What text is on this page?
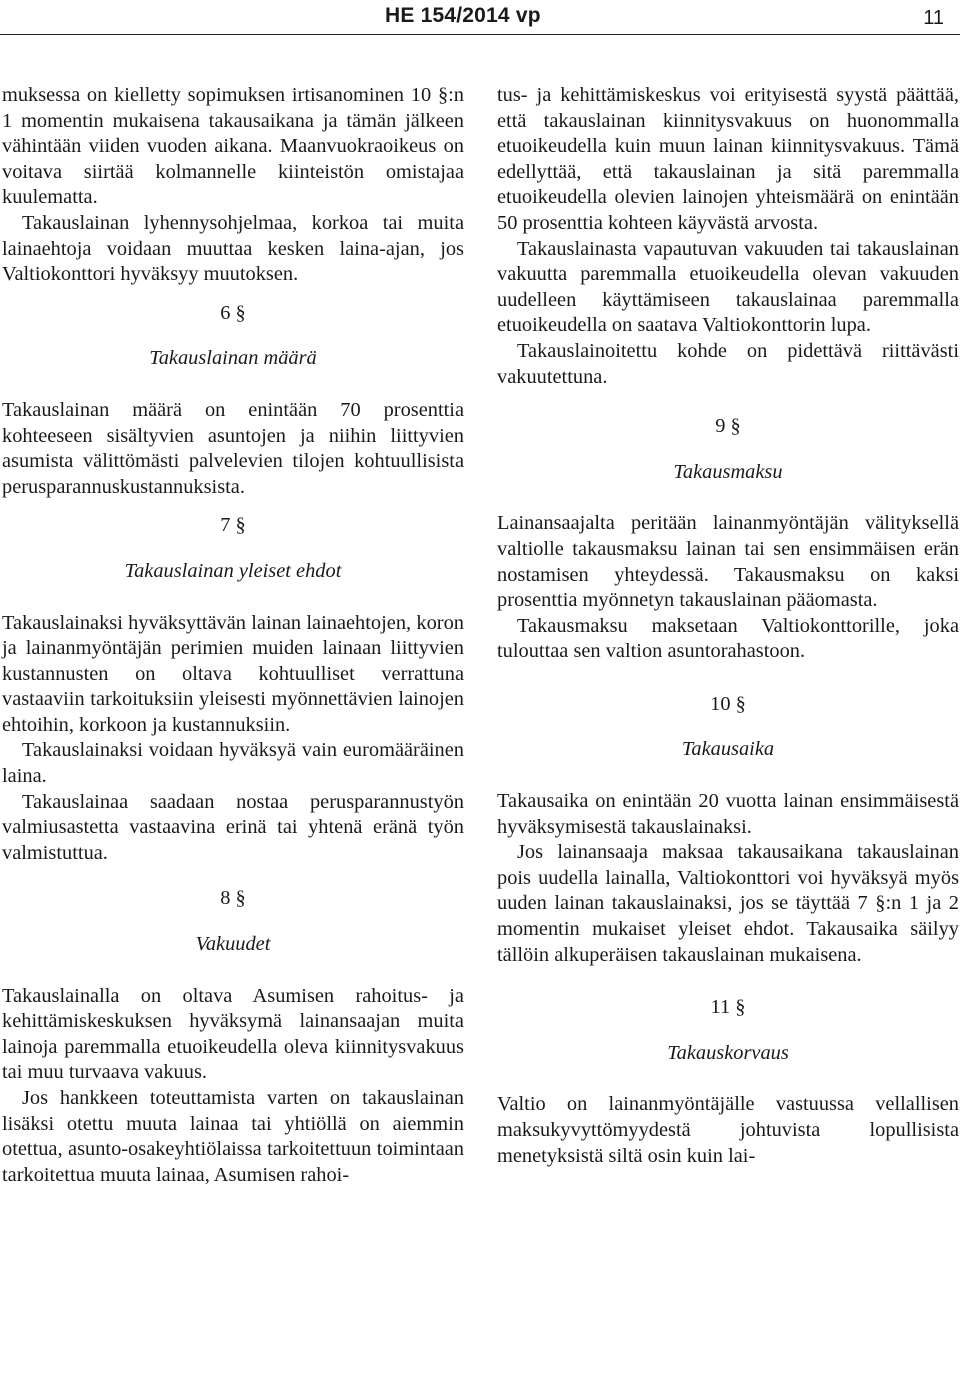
HE 154/2014 vp	11

muksessa on kielletty sopimuksen irtisanominen 10 §:n 1 momentin mukaisena takausaikana ja tämän jälkeen vähintään viiden vuoden aikana. Maanvuokraoikeus on voitava siirtää kolmannelle kiinteistön omistajaa kuulematta.

Takauslainan lyhennysohjelmaa, korkoa tai muita lainaehtoja voidaan muuttaa kesken laina-ajan, jos Valtiokonttori hyväksyy muutoksen.

6 §
Takauslainan määrä

Takauslainan määrä on enintään 70 prosenttia kohteeseen sisältyvien asuntojen ja niihin liittyvien asumista välittömästi palvelevien tilojen kohtuullisista perusparannuskustannuksista.

7 §
Takauslainan yleiset ehdot

Takauslainaksi hyväksyttävän lainan lainaehtojen, koron ja lainanmyöntäjän perimien muiden lainaan liittyvien kustannusten on oltava kohtuulliset verrattuna vastaaviin tarkoituksiin yleisesti myönnettävien lainojen ehtoihin, korkoon ja kustannuksiin.

Takauslainaksi voidaan hyväksyä vain euromääräinen laina.

Takauslainaa saadaan nostaa perusparannustyön valmiusastetta vastaavina erinä tai yhtenä eränä työn valmistuttua.

8 §
Vakuudet

Takauslainalla on oltava Asumisen rahoitus- ja kehittämiskeskuksen hyväksymä lainansaajan muita lainoja paremmalla etuoikeudella oleva kiinnitysvakuus tai muu turvaava vakuus.

Jos hankkeen toteuttamista varten on takauslainan lisäksi otettu muuta lainaa tai yhtiöllä on aiemmin otettua, asunto-osakeyhtiölaissa tarkoitettuun toimintaan tarkoitettua muuta lainaa, Asumisen rahoi-

tus- ja kehittämiskeskus voi erityisestä syystä päättää, että takauslainan kiinnitysvakuus on huonommalla etuoikeudella kuin muun lainan kiinnitysvakuus. Tämä edellyttää, että takauslainan ja sitä paremmalla etuoikeudella olevien lainojen yhteismäärä on enintään 50 prosenttia kohteen käyvästä arvosta.

Takauslainasta vapautuvan vakuuden tai takauslainan vakuutta paremmalla etuoikeudella olevan vakuuden uudelleen käyttämiseen takauslainaa paremmalla etuoikeudella on saatava Valtiokonttorin lupa.

Takauslainoitettu kohde on pidettävä riittävästi vakuutettuna.

9 §
Takausmaksu

Lainansaajalta peritään lainanmyöntäjän välityksellä valtiolle takausmaksu lainan tai sen ensimmäisen erän nostamisen yhteydessä. Takausmaksu on kaksi prosenttia myönnetyn takauslainan pääomasta.

Takausmaksu maksetaan Valtiokonttorille, joka tulouttaa sen valtion asuntorahastoon.

10 §
Takausaika

Takausaika on enintään 20 vuotta lainan ensimmäisestä hyväksymisestä takauslainaksi.

Jos lainansaaja maksaa takausaikana takauslainan pois uudella lainalla, Valtiokonttori voi hyväksyä myös uuden lainan takauslainaksi, jos se täyttää 7 §:n 1 ja 2 momentin mukaiset yleiset ehdot. Takausaika säilyy tällöin alkuperäisen takauslainan mukaisena.

11 §
Takauskorvaus

Valtio on lainanmyöntäjälle vastuussa vellallisen maksukyvyttömyydestä johtuvista lopullisista menetyksistä siltä osin kuin lai-
